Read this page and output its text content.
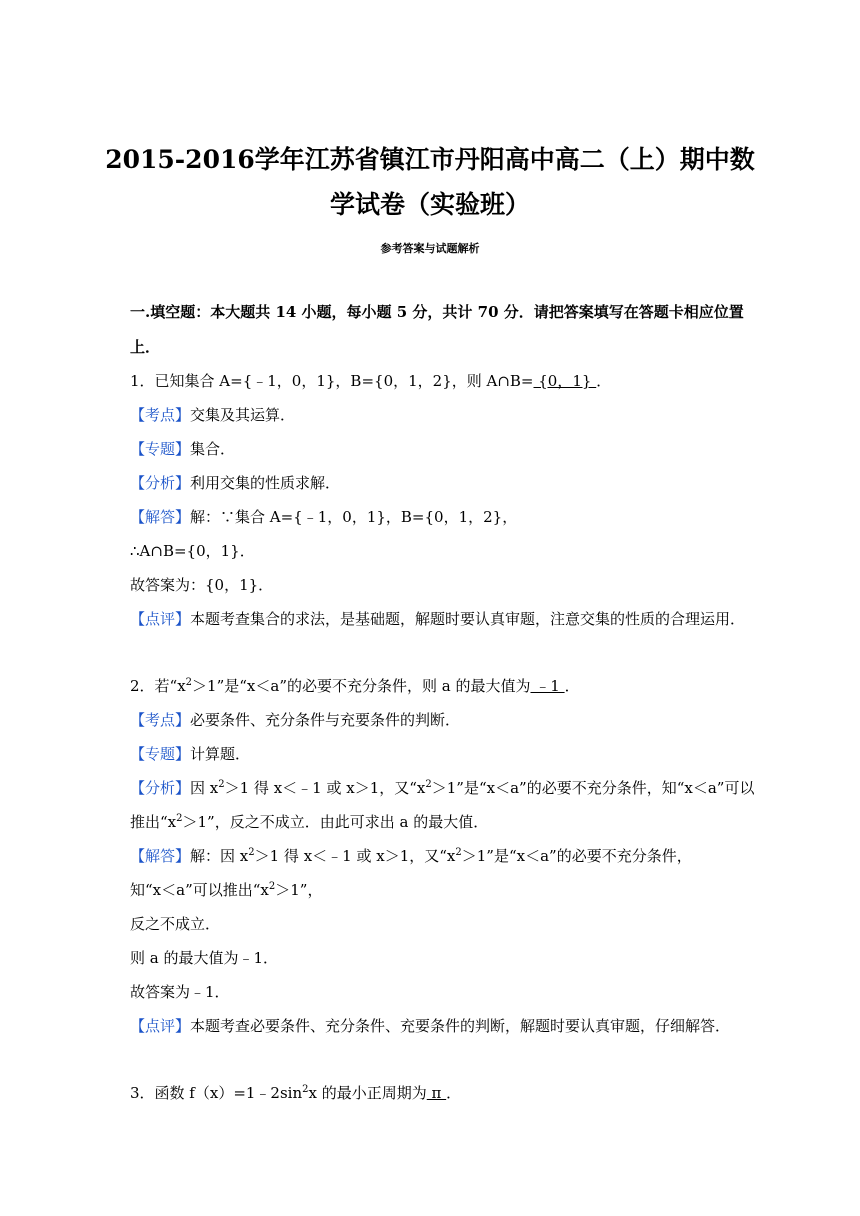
2015-2016学年江苏省镇江市丹阳高中高二（上）期中数
学试卷（实验班）
参考答案与试题解析
一.填空题：本大题共 14 小题，每小题 5 分，共计 70 分．请把答案填写在答题卡相应位置
上．
1．已知集合 A={﹣1，0，1}，B={0，1，2}，则 A∩B= {0，1} ．
【考点】交集及其运算．
【专题】集合．
【分析】利用交集的性质求解．
【解答】解：∵集合 A={﹣1，0，1}，B={0，1，2}，
∴A∩B={0，1}．
故答案为：{0，1}．
【点评】本题考查集合的求法，是基础题，解题时要认真审题，注意交集的性质的合理运用．
2．若“$x^2>1$”是“x＜a”的必要不充分条件，则 a 的最大值为 ﹣1 ．
【考点】必要条件、充分条件与充要条件的判断．
【专题】计算题．
【分析】因 $x^2>1$ 得 x＜﹣1 或 x＞1，又“$x^2>1$”是“x＜a”的必要不充分条件，知“x＜a”可以
推出“$x^2>1$”，反之不成立．由此可求出 a 的最大值．
【解答】解：因 $x^2>1$ 得 x＜﹣1 或 x＞1，又“$x^2>1$”是“x＜a”的必要不充分条件，
知“x＜a”可以推出“$x^2>1$”，
反之不成立．
则 a 的最大值为﹣1．
故答案为﹣1．
【点评】本题考查必要条件、充分条件、充要条件的判断，解题时要认真审题，仔细解答．
3．函数 $f(x)=1﹣2\sin^2x$ 的最小正周期为 π ．
